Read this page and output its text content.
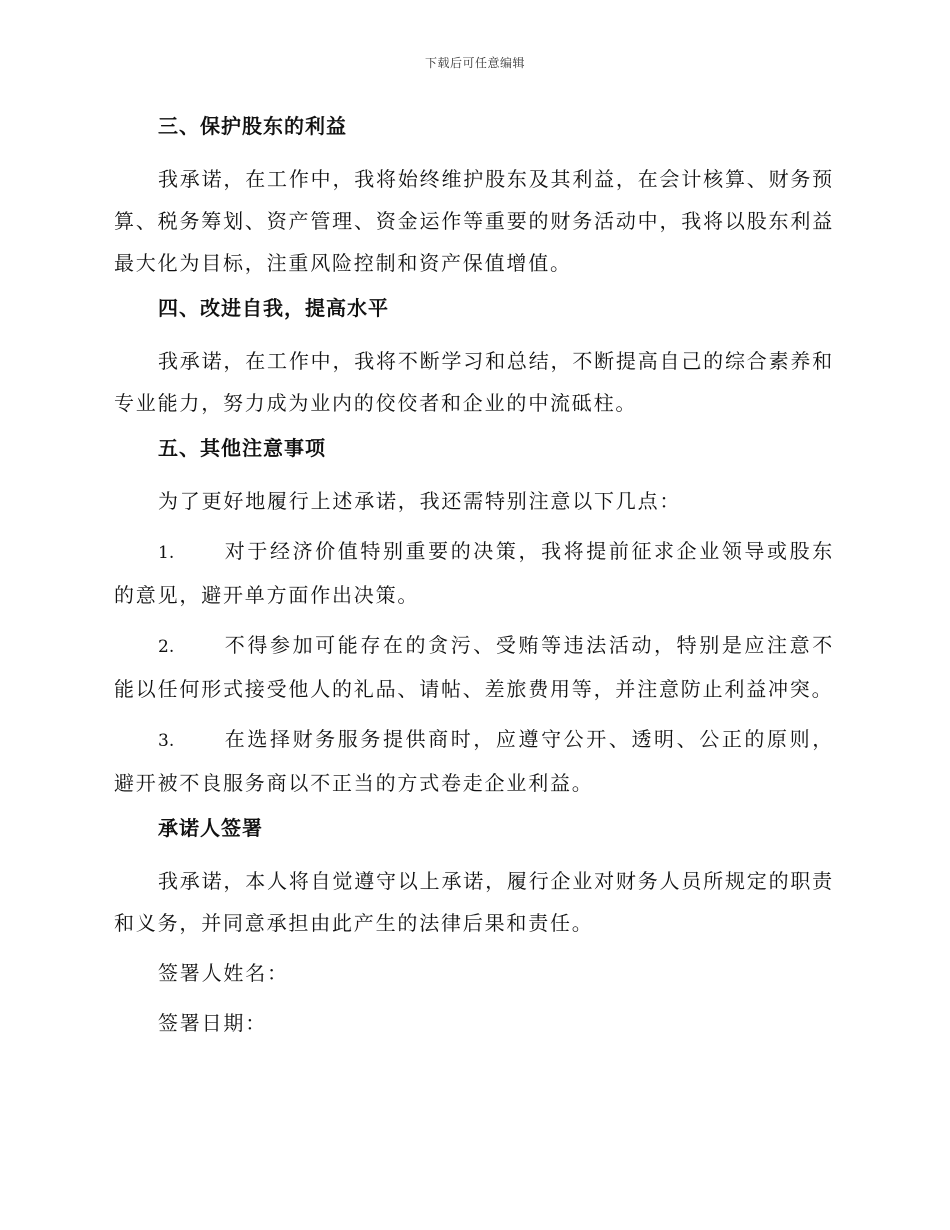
下载后可任意编辑
三、保护股东的利益
我承诺，在工作中，我将始终维护股东及其利益，在会计核算、财务预算、税务筹划、资产管理、资金运作等重要的财务活动中，我将以股东利益最大化为目标，注重风险控制和资产保值增值。
四、改进自我，提高水平
我承诺，在工作中，我将不断学习和总结，不断提高自己的综合素养和专业能力，努力成为业内的佼佼者和企业的中流砥柱。
五、其他注意事项
为了更好地履行上述承诺，我还需特别注意以下几点：
1. 对于经济价值特别重要的决策，我将提前征求企业领导或股东的意见，避开单方面作出决策。
2. 不得参加可能存在的贪污、受贿等违法活动，特别是应注意不能以任何形式接受他人的礼品、请帖、差旅费用等，并注意防止利益冲突。
3. 在选择财务服务提供商时，应遵守公开、透明、公正的原则，避开被不良服务商以不正当的方式卷走企业利益。
承诺人签署
我承诺，本人将自觉遵守以上承诺，履行企业对财务人员所规定的职责和义务，并同意承担由此产生的法律后果和责任。
签署人姓名：
签署日期：
